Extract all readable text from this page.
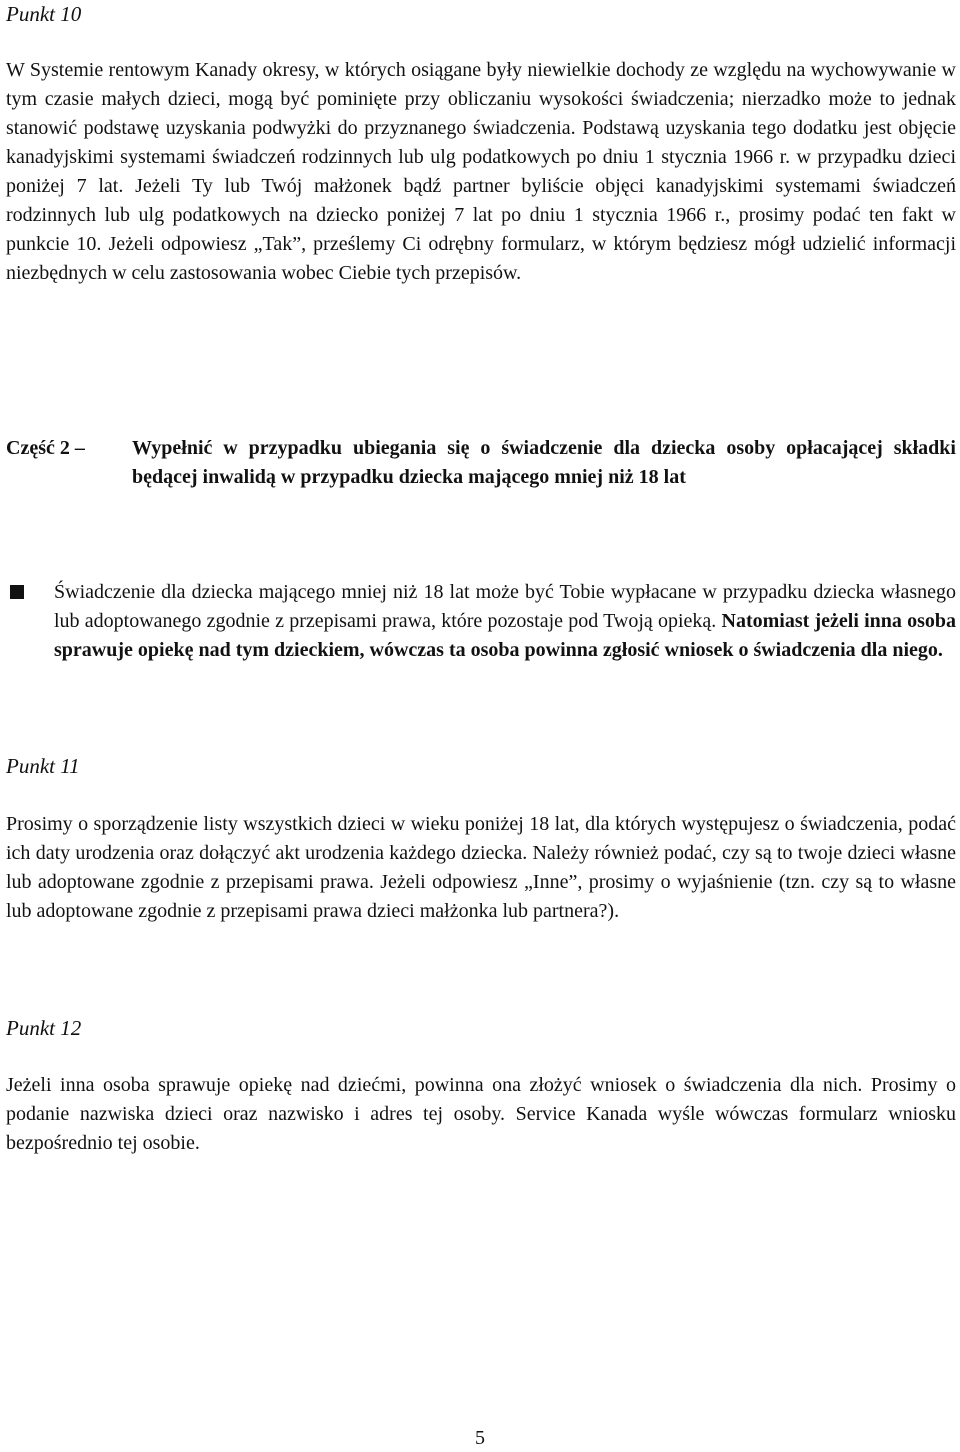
Punkt 10

W Systemie rentowym Kanady okresy, w których osiągane były niewielkie dochody ze względu na wychowywanie w tym czasie małych dzieci, mogą być pominięte przy obliczaniu wysokości świadczenia; nierzadko może to jednak stanowić podstawę uzyskania podwyżki do przyznanego świadczenia. Podstawą uzyskania tego dodatku jest objęcie kanadyjskimi systemami świadczeń rodzinnych lub ulg podatkowych po dniu 1 stycznia 1966 r. w przypadku dzieci poniżej 7 lat. Jeżeli Ty lub Twój małżonek bądź partner byliście objęci kanadyjskimi systemami świadczeń rodzinnych lub ulg podatkowych na dziecko poniżej 7 lat po dniu 1 stycznia 1966 r., prosimy podać ten fakt w punkcie 10. Jeżeli odpowiesz „Tak”, prześlemy Ci odrębny formularz, w którym będziesz mógł udzielić informacji niezbędnych w celu zastosowania wobec Ciebie tych przepisów.

Część 2 – Wypełnić w przypadku ubiegania się o świadczenie dla dziecka osoby opłacającej składki będącej inwalidą w przypadku dziecka mającego mniej niż 18 lat
Świadczenie dla dziecka mającego mniej niż 18 lat może być Tobie wypłacane w przypadku dziecka własnego lub adoptowanego zgodnie z przepisami prawa, które pozostaje pod Twoją opieką. Natomiast jeżeli inna osoba sprawuje opiekę nad tym dzieckiem, wówczas ta osoba powinna zgłosić wniosek o świadczenia dla niego.
Punkt 11

Prosimy o sporządzenie listy wszystkich dzieci w wieku poniżej 18 lat, dla których występujesz o świadczenia, podać ich daty urodzenia oraz dołączyć akt urodzenia każdego dziecka. Należy również podać, czy są to twoje dzieci własne lub adoptowane zgodnie z przepisami prawa. Jeżeli odpowiesz „Inne”, prosimy o wyjaśnienie (tzn. czy są to własne lub adoptowane zgodnie z przepisami prawa dzieci małżonka lub partnera?).

Punkt 12

Jeżeli inna osoba sprawuje opiekę nad dziećmi, powinna ona złożyć wniosek o świadczenia dla nich. Prosimy o podanie nazwiska dzieci oraz nazwisko i adres tej osoby. Service Kanada wyśle wówczas formularz wniosku bezpośrednio tej osobie.

5
